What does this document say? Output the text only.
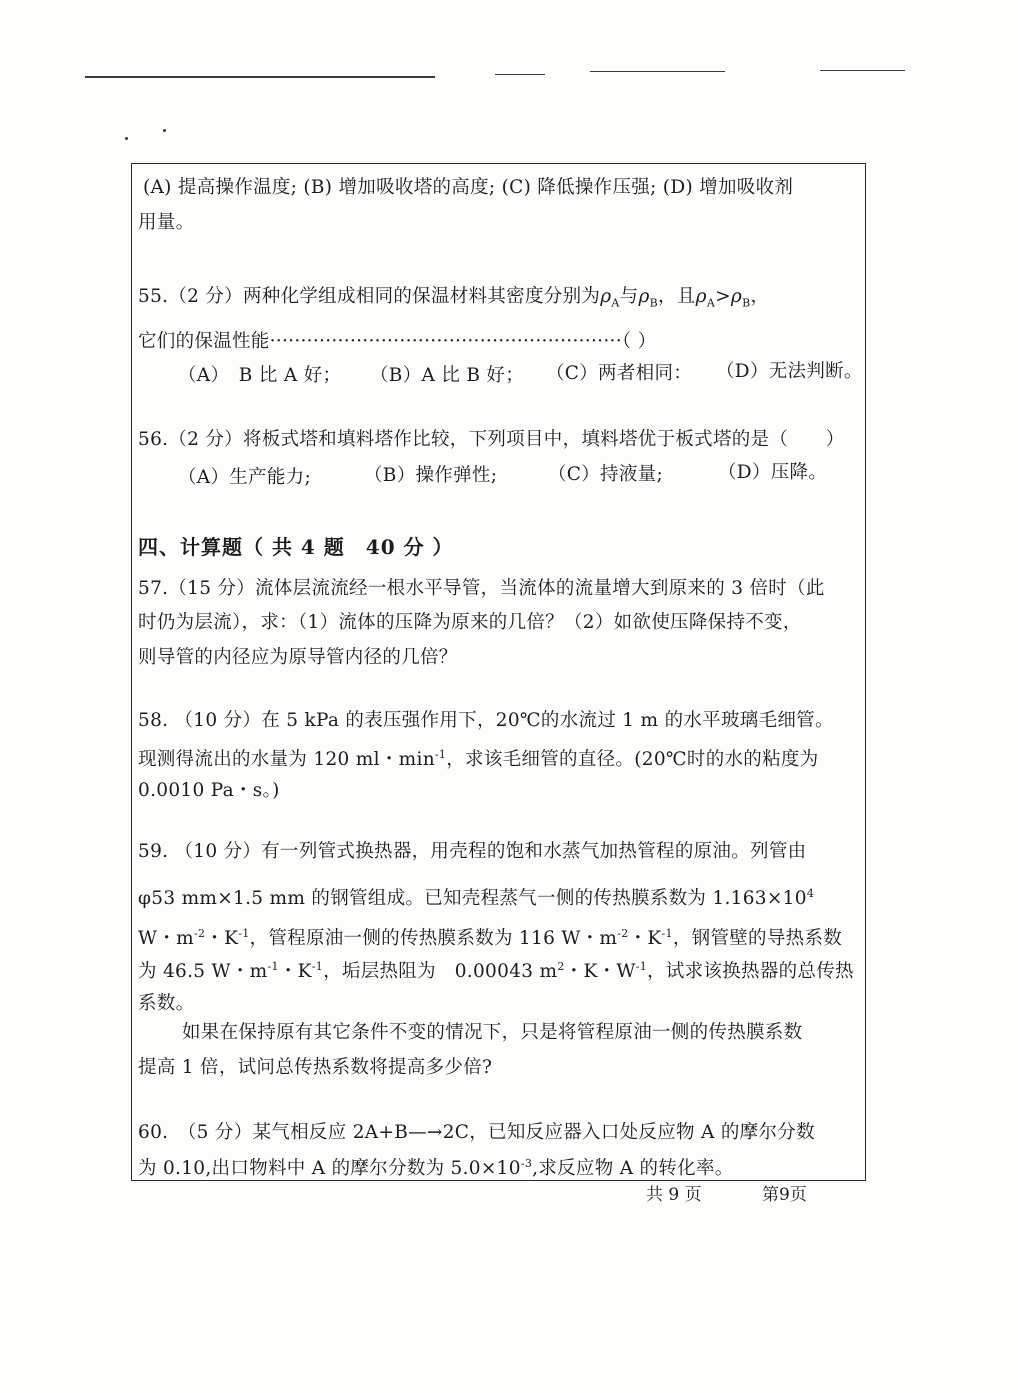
(A) 提高操作温度; (B) 增加吸收塔的高度; (C) 降低操作压强; (D) 增加吸收剂
用量。
55.（2 分）两种化学组成相同的保温材料其密度分别为$\rho_A$与$\rho_B$，且$\rho_A>\rho_B$，
它们的保温性能·························································（ ）
（A）　B 比 A 好； （B）A 比 B 好； （C）两者相同： （D）无法判断。
56.（2 分）将板式塔和填料塔作比较，下列项目中，填料塔优于板式塔的是（　　）
（A）生产能力;	（B）操作弹性;	（C）持液量;	（D）压降。
四、计算题（ 共 4 题　40 分 ）
57.（15 分）流体层流流经一根水平导管，当流体的流量增大到原来的 3 倍时（此
时仍为层流），求：（1）流体的压降为原来的几倍？（2）如欲使压降保持不变，
则导管的内径应为原导管内径的几倍？
58. （10 分）在 5 kPa 的表压强作用下，20℃的水流过 1 m 的水平玻璃毛细管。
现测得流出的水量为 120 ml・$\min^{-1}$，求该毛细管的直径。(20℃时的水的粘度为
0.0010 Pa・s。)
59. （10 分）有一列管式换热器，用壳程的饱和水蒸气加热管程的原油。列管由
φ53 mm×1.5 mm 的钢管组成。已知壳程蒸气一侧的传热膜系数为 $1.163\times 10^4$
W・$m^{-2}$・$K^{-1}$，管程原油一侧的传热膜系数为 116 W・$m^{-2}$・$K^{-1}$，钢管壁的导热系数
为 46.5 W・$m^{-1}$・$K^{-1}$，垢层热阻为　0.00043 $m^2$・K・$W^{-1}$，试求该换热器的总传热
系数。
如果在保持原有其它条件不变的情况下，只是将管程原油一侧的传热膜系数
提高 1 倍，试问总传热系数将提高多少倍?
60.　（5 分）某气相反应 2A+B—→2C，已知反应器入口处反应物 A 的摩尔分数
为 0.10,出口物料中 A 的摩尔分数为 $5.0\times 10^{-3}$,求反应物 A 的转化率。
共 9 页	第9页
